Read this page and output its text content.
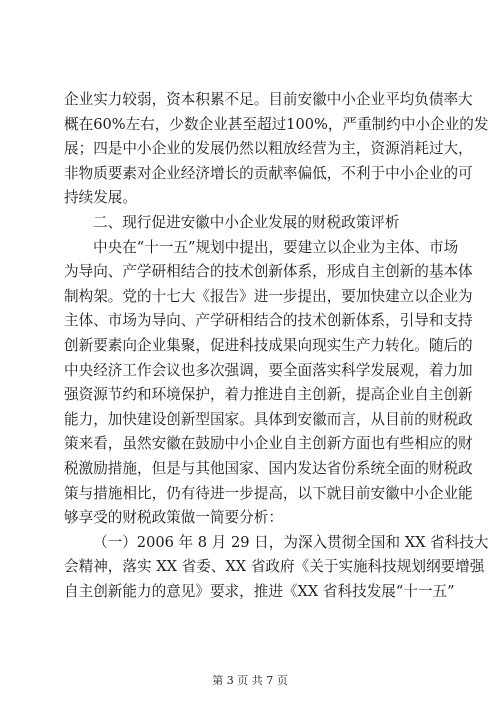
企业实力较弱，资本积累不足。目前安徽中小企业平均负债率大
概在60%左右，少数企业甚至超过100%，严重制约中小企业的发
展；四是中小企业的发展仍然以粗放经营为主，资源消耗过大，
非物质要素对企业经济增长的贡献率偏低，不利于中小企业的可
持续发展。
二、现行促进安徽中小企业发展的财税政策评析
中央在“十一五”规划中提出，要建立以企业为主体、市场
为导向、产学研相结合的技术创新体系，形成自主创新的基本体
制构架。党的十七大《报告》进一步提出，要加快建立以企业为
主体、市场为导向、产学研相结合的技术创新体系，引导和支持
创新要素向企业集聚，促进科技成果向现实生产力转化。随后的
中央经济工作会议也多次强调，要全面落实科学发展观，着力加
强资源节约和环境保护，着力推进自主创新，提高企业自主创新
能力，加快建设创新型国家。具体到安徽而言，从目前的财税政
策来看，虽然安徽在鼓励中小企业自主创新方面也有些相应的财
税激励措施，但是与其他国家、国内发达省份系统全面的财税政
策与措施相比，仍有待进一步提高，以下就目前安徽中小企业能
够享受的财税政策做一简要分析：
（一）2006 年 8 月 29 日，为深入贯彻全国和 XX 省科技大
会精神，落实 XX 省委、XX 省政府《关于实施科技规划纲要增强
自主创新能力的意见》要求，推进《XX 省科技发展“十一五”
第 3 页 共 7 页
